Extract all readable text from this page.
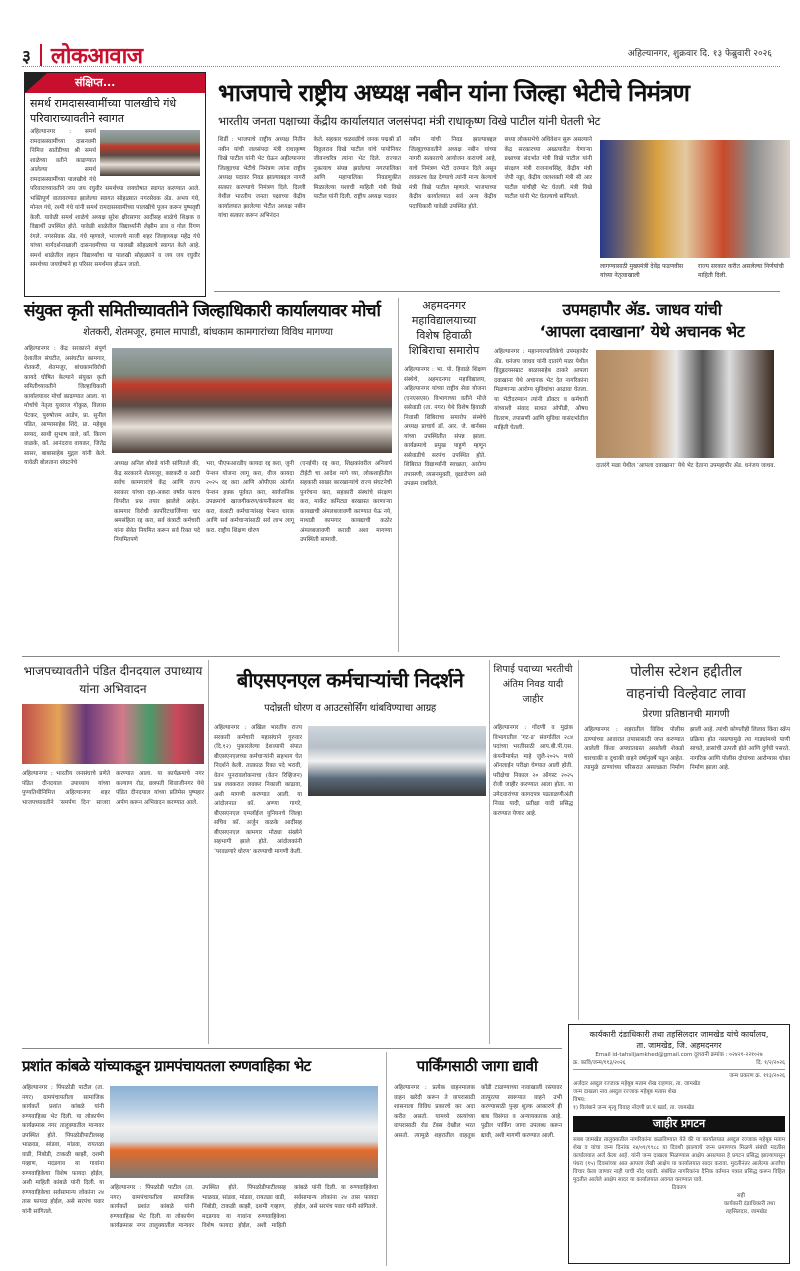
३ लोकआवाज	अहिल्यानगर, शुक्रवार दि. १३ फेब्रुवारी २०२६
संक्षिप्त...
समर्थ रामदासस्वामींच्या पालखीचे गंधे परिवाराच्यावतीने स्वागत
अहिल्यानगर : समर्थ रामदासस्वामींच्या दासनवमी निमित्त सातेंडीच्या श्री समर्थ शाळेच्या वतीने काढण्यात आलेल्या समर्थ रामदासस्वामींच्या पालखीचे गंधे परिवाराच्यावतीने जय जय रघुवीर समर्थच्या जयघोषात स्वागत करण्यात आले. भक्तिपूर्ण वातावरणात झालेल्या स्वागत सोहळ्यात नगरसेवक ॲड. अभय गंधे, मोनल गंधे, रश्मी गंधे यांनी समर्थ रामदासस्वामींच्या पालखीचे पूजन करून पुष्पवृष्टी केली. यावेळी समर्थ शाळेचे अध्यक्ष सुरेश क्षीरसागर आदींसह शाळेचे शिक्षक व विद्यार्थी उपस्थित होते. यावेळी शाळेतील विद्यार्थ्यांनी लेझीम डाव व गोल रिंगण रंगले. नगरसेवक ॲड. गंधे म्हणाले, भाजपचे माजी शहर जिल्हाध्यक्ष महेंद्र गंधे यांच्या मार्गदर्शनाखाली दासनवमीच्या या पालखी सोहळ्याचे स्वागत केले आहे. समर्थ शाळेतील लहान विद्यार्थ्यांचा या पालखी सोहळ्याने व जय जय रघुवीर समर्थच्या जयघोषाने हा परिसर समर्थमय होऊन जातो.
भाजपाचे राष्ट्रीय अध्यक्ष नबीन यांना जिल्हा भेटीचे निमंत्रण
भारतीय जनता पक्षाच्या केंद्रीय कार्यालयात जलसंपदा मंत्री राधाकृष्ण विखे पाटील यांनी घेतली भेट
शिर्डी : भाजपाचे राष्ट्रीय अध्यक्ष नितीन नबीन यांची जलसंपदा मंत्री राधाकृष्ण विखे पाटील यांनी भेट घेऊन अहील्यानगर जिल्ह्याच्या भेटीचे निमंत्रण त्यांना राष्ट्रीय अध्यक्ष पदावर निवड झाल्याबद्दल नागरी सत्कार करण्याचे निमंत्रण दिले. दिल्ली येथील भारतीय जनता पक्षाच्या केंद्रीय कार्यालयात झालेल्या भेटीत अध्यक्ष नबीन यांचा सत्कार करून अभिनंदन
केले. सहकार चळवळीचे जनक पद्मश्री डॉ विठ्ठलराव विखे पाटील यांचे पायोनियर जीवनचरित्र त्यांना भेट दिले. राज्यात नुकत्याच संपन्न झालेल्या नगरपालिका आणि महापालिका निवडणुकीत मिळालेल्या यशाची माहिती मंत्री विखे पाटील यांनी दिली. राष्ट्रीय अध्यक्ष पदावर
नबीन यांची निवड झाल्याबद्दल जिल्ह्याच्यावतीने अध्यक्ष नबीन यांच्या नागरी सत्काराचे आयोजन करायचे आहे, याचे निमंत्रण भेटी दरम्यान दिले असून लवकरच वेळ देण्याचे त्यांनी मान्य केल्याचे मंत्री विखे पाटील म्हणाले. भाजपाच्या केंद्रीय कार्यालयात सर्व अन्य केंद्रीय पदाधिकारी यावेळी उपस्थित होते.
सध्या लोकसभेचे अधिवेशन सुरू असल्याने केंद्र सरकारच्या अखत्यारीत येणाऱ्या प्रश्नाच्या संदर्भात मंत्री विखे पाटील यांनी संरक्षण मंत्री राजनाथसिंह, केंद्रीय मंत्री जेपी नड्डा, केंद्रीय जलशक्ती मंत्री सी आर पाटील यांचीही भेट घेतली. मंत्री विखे पाटील यांनी भेट घेतल्याचे सांगितले.
लागण्यासाठी मुख्यमंत्री देवेंद्र फडणवीस यांच्या नेतृत्वाखाली
राज्य सरकार करीत असलेल्या निर्णयांची माहिती दिली.
संयुक्त कृती समितीच्यावतीने जिल्हाधिकारी कार्यालयावर मोर्चा
शेतकरी, शेतमजूर, हमाल मापाडी, बांधकाम कामगारांच्या विविध मागण्या
अहिल्यानगर : केंद्र सरकारने संपूर्ण देशातील संघटीत, असंघटीत कामगार, शेतकरी, शेतमजूर, बांधकामविरोधी कायदे घोषित केल्याने संयुक्त कृती समितीच्यावतीने जिल्हाधिकारी कार्यालयावर मोर्चा काढण्यात आला. या मोर्चाचे नेतृत्व युवराज गोकुळ, विलास पेटकर, पुरुषोत्तम आडेप, प्रा. सुनील पंडित, आप्पासाहेब शिंदे, प्रा. महेबूब सय्यद, साथी सुभाष वाले, कॉ. किरण वाळके, कॉ. आनंदराव वायकर, जितेंद्र सासर, बाबासाहेब मुद्गल यांनी केले. यावेळी बोलताना संघटनेचे	अध्यक्ष अनिल बोरुडे यांनी सांगितले की, केंद्र सरकारने शेतमजूर, कष्टकरी व आदी सर्वच कामगारांचे केंद्र आणि राज्य सरकार यांच्या दहा-अकरा वर्षांत फारच विपरीत प्रश्न तयार झालेले आहेत. कामगार विरोधी कार्पोरेटधार्जिण्या चार श्रमसंहिता रद्द करा, सर्व कंत्राटी कर्मचारी यांना सेवेत नियमित करून सर्व रिक्त पदे नियमितपणे
भरा, पीएफआरडीए कायदा रद्द करा, जुनी पेन्शन योजना लागू करा, वीज कायदा २०२५ रद्द करा आणि ओपीएस अंतर्गत पेन्शन हक्क पूर्ववत करा, सार्वजनिक उपक्रमांचे खाजगीकरण/कंपनीकरण बंद करा, कंत्राटी कर्मचाऱ्यांसह पेन्शन धारक आणि सर्व कर्मचाऱ्यांसाठी सर्व लाभ लागू करा. राष्ट्रीय शिक्षण धोरण
(एनईपी) रद्द करा, शिक्षकांवरील अनिवार्य टीईटी चा आदेश मागे घ्या, लोकशाहीतील सहकारी साखर कारखान्यांचे राज्य संघटनेची पुनर्रचना करा, सहकारी संस्थांचे संरक्षण करा, मार्केट कमिट्या बरखास्त करणाऱ्या कायद्याची अंमलबजावणी करण्यात येऊ नये, माथाडी कामगार कायद्याची कठोर अंमलबजावणी करावी अशा मागण्या उपस्थिती सामावी.
अहमदनगर महाविद्यालयाच्या विशेष हिवाळी शिबिराचा समारोप
अहिल्यानगर : भा. पो. हिवाळे शिक्षण संस्थेचे, अहमदनगर महाविद्यालय, अहिल्यानगर यांच्या राष्ट्रीय सेवा योजना (एनएसएस) विभागाच्या वतीने मौजे ससेवाडी (ता. नगर) येथे विशेष हिवाळी निवासी शिबिराचा समारोप संस्थेचे अध्यक्ष प्राचार्य डॉ. आर. जे. बार्नबस यांच्या उपस्थितीत संपन्न झाला. कार्यक्रमाचे प्रमुख पाहुणे म्हणून ससेवाडीचे सरपंच उपस्थित होते. शिबिरात विद्यार्थ्यांनी स्वच्छता, आरोग्य तपासणी, व्यसनमुक्ती, वृक्षारोपण असे उपक्रम राबविले.
उपमहापौर ॲड. जाधव यांची
‘आपला दवाखाना’ येथे अचानक भेट
अहिल्यानगर : महानगरपालिकेचे उपमहापौर ॲड. धनंजय जाधव यांनी दातरंगे मळा येथील हिंदुह्रदयसम्राट बाळासाहेब ठाकरे आपला दवाखाना येथे अचानक भेट देत नागरिकांना मिळणाऱ्या आरोग्य सुविधांचा आढावा घेतला. या भेटीदरम्यान त्यांनी डॉक्टर व कर्मचारी यांच्याशी संवाद साधत ओपीडी, औषध वितरण, तपासणी आणि सुविधा यासंदर्भातील माहिती घेतली.
दातरंगे मळा येथील ‘आपला दवाखाना’ येथे भेट देताना उपमहापौर ॲड. धनंजय जाधव.
भाजपच्यावतीने पंडित दीनदयाल उपाध्याय यांना अभिवादन
अहिल्यानगर : भारतीय जनसंघाचे प्रणेते पंडित दीनदयाल उपाध्याय यांच्या पुण्यतिथीनिमित्त अहिल्यानगर शहर भाजपच्यावतीने ‘समर्पण दिन’ साजरा करण्यात आला. या कार्यक्रमाचे नगर कल्याण रोड, छत्रपती शिवाजीनगर येथे पंडित दीनदयाल यांच्या प्रतिमेस पुष्पहार अर्पण करून अभिवादन करण्यात आले.
बीएसएनएल कर्मचाऱ्यांची निदर्शने
पदोन्नती धोरण व आउटसोर्सिंग थांबविण्याचा आग्रह
अहिल्यानगर : अखिल भारतीय राज्य सरकारी कर्मचारी महासंघाने गुरुवार (दि.१२) पुकारलेल्या देशव्यापी संपात बीएसएनएलच्या कर्मचाऱ्यांनी सहभाग घेत निदर्शने केली. तात्काळ रिक्त पदे भरावी, वेतन पुनरावलोकनाचा (वेतन रिव्हिजन) प्रश्न लवकरात लवकर निकाली काढावा, अशी मागणी करण्यात आली. या आंदोलनात कॉ. अण्णा गागरे, बीएसएनएल एम्प्लॉईज युनियनचे जिल्हा सचिव कॉ. अर्जुन वाळके आदींसह बीएसएनएल कामगार मोठ्या संख्येने सहभागी झाले होते. आंदोलकांनी ‘परवडणारे धोरण’ करण्याची मागणी केली.
शिपाई पदाच्या भरतीची अंतिम निवड यादी जाहीर
अहिल्यानगर : गोंदणी व मुद्रांक विभागातील ‘गट-ड’ संवर्गातील २८४ पदांच्या भरतीसाठी आय.बी.पी.एस. कंपनीमार्फत माहे जुलै-२०२५ मध्ये ऑनलाईन परीक्षा घेण्यात आली होती. परीक्षेचा निकाल २० ऑगस्ट २०२५ रोजी जाहीर करण्यात आला होता. या उमेदवारांच्या कागदपत्र पडताळणीअंती निवड यादी, प्रतीक्षा यादी प्रसिद्ध करण्यात येणार आहे.
पोलीस स्टेशन हद्दीतील
वाहनांची विल्हेवाट लावा
प्रेरणा प्रतिष्ठानची मागणी
अहिल्यानगर : शहरातील विविध पोलीस ठाण्यांच्या आवारात तपासासाठी जप्त करण्यात आलेली किंवा अपघातग्रस्त असलेली शेकडो चारचाकी व दुचाकी वाहने वर्षानुवर्षे पडून आहेत. त्यामुळे ठाण्यांच्या परिसरात अस्वच्छता निर्माण झाली आहे. त्यांची कोणतीही लिलाव किंवा स्क्रॅप प्रक्रिया होत नसल्यामुळे त्या गाड्यांमध्ये पाणी साचते, डासांची उत्पत्ती होते आणि दुर्गंधी पसरते. नागरिक आणि पोलीस दोघांच्या आरोग्यास धोका निर्माण झाला आहे.
कार्यकारी दंडाधिकारी तथा तहसिलदार जामखेड यांचे कार्यालय,
ता. जामखेड, जि. अहमदनगर
Email id-tahsiljamkhed@gmail.com दूरध्वनी क्रमांक : ०२४२१-२२१०२७
क्र. कावि/जन्म/११३/२०२६	दि. १/२/२०२६
जन्म प्रकरण क्र. ११३/२०२६
अर्जदार अब्दुल रज्जाक महेबूब मताम शेख राहणार, ता. जामखेड
जन्म दाखला नाव अब्दुल रज्जाक महेबूब मतास शेख
विषय:
१) विलंबाने जन्म मृत्यु विवाह नोंदणी प्रा.पं खर्डा, ता. जामखेड
जाहीर प्रगटन
सबब जामखेड तालुक्यातील नागरिकांना कळविण्यात येते की या कार्यालयात अब्दुल रज्जाक महेबूब मताम शेख व यांचा जन्म दिनांक २४/०१/१९८८ या दिवशी झाल्याचे जन्म प्रमाणपत्र मिळणे संबंधी मदतीस कार्यालयात अर्ज केला आहे. यांनी जन्म दाखला मिळण्यास आक्षेप असल्यास हे प्रगटन प्रसिद्ध झाल्यापासून पंधरा (१५) दिवसांच्या आत आपला लेखी आक्षेप या कार्यालयात सादर करावा. मुदतीनंतर आलेल्या अर्जांचा विचार केला जाणार नाही याची नोंद घ्यावी. संबंधित नागरिकांना दैनिक वर्तमान पत्रात प्रसिद्ध करून विहित मुदतीत आलेले आक्षेप सादर या कार्यालयात अवगत करण्यात यावे.
ठिकाण
सही
कार्यकारी दंडाधिकारी तथा
तहसिलदार, जामखेड
प्रशांत कांबळे यांच्याकडून ग्रामपंचायतला रुग्णवाहिका भेट
अहिल्यानगर : पिंपळोडी पाटील (ता. नगर) ग्रामपंचायतीला सामाजिक कार्यकर्ते प्रशांत कांबळे यांनी रुग्णवाहिका भेट दिली. या लोकार्पण कार्यक्रमास नगर तालुक्यातील मान्यवर उपस्थित होते. पिंपळोडीपाटीलसह भाळवड, सांडवा, मांडवा, रायतळा वाडी, निंबोडी, टाकळी काझी, दशमी गव्हाण, मदडगाव या गावांना रुग्णवाहिकेचा विशेष फायदा होईल, अशी माहिती कांबळे यांनी दिली. या रुग्णवाहिकेचा सर्वसामान्य लोकांना २४ तास फायदा होईल, असे सरपंच पवार यांनी सांगितले.
अहिल्यानगर : पिंपळोडी पाटील (ता. नगर) ग्रामपंचायतीला सामाजिक कार्यकर्ते प्रशांत कांबळे यांनी रुग्णवाहिका भेट दिली. या लोकार्पण कार्यक्रमास नगर तालुक्यातील मान्यवर उपस्थित होते. पिंपळोडीपाटीलसह भाळवड, सांडवा, मांडवा, रायतळा वाडी, निंबोडी, टाकळी काझी, दशमी गव्हाण, मदडगाव या गावांना रुग्णवाहिकेचा विशेष फायदा होईल, अशी माहिती कांबळे यांनी दिली. या रुग्णवाहिकेचा सर्वसामान्य लोकांना २४ तास फायदा होईल, असे सरपंच पवार यांनी सांगितले.
पार्किंगसाठी जागा द्यावी
अहिल्यानगर : प्रत्येक वाहनमालक वाहन खरेदी करून ते वापरासाठी शासनाला विविध प्रकारचे कर अदा करीत असतो. यामध्ये रस्त्यांच्या वापरासाठी रोड टॅक्स देखील भरत असतो. त्यामुळे शहरातील वाहतूक कोंडी टाळण्याच्या नावाखाली रस्त्यावर तात्पुरत्या स्वरूपात वाहने उभी करण्यासाठी पुन्हा शुल्क आकारणे ही बाब विसंगत व अन्यायकारक आहे. पुढील पार्किंग जागा उपलब्ध करून द्यावी, अशी मागणी करण्यात आली.
